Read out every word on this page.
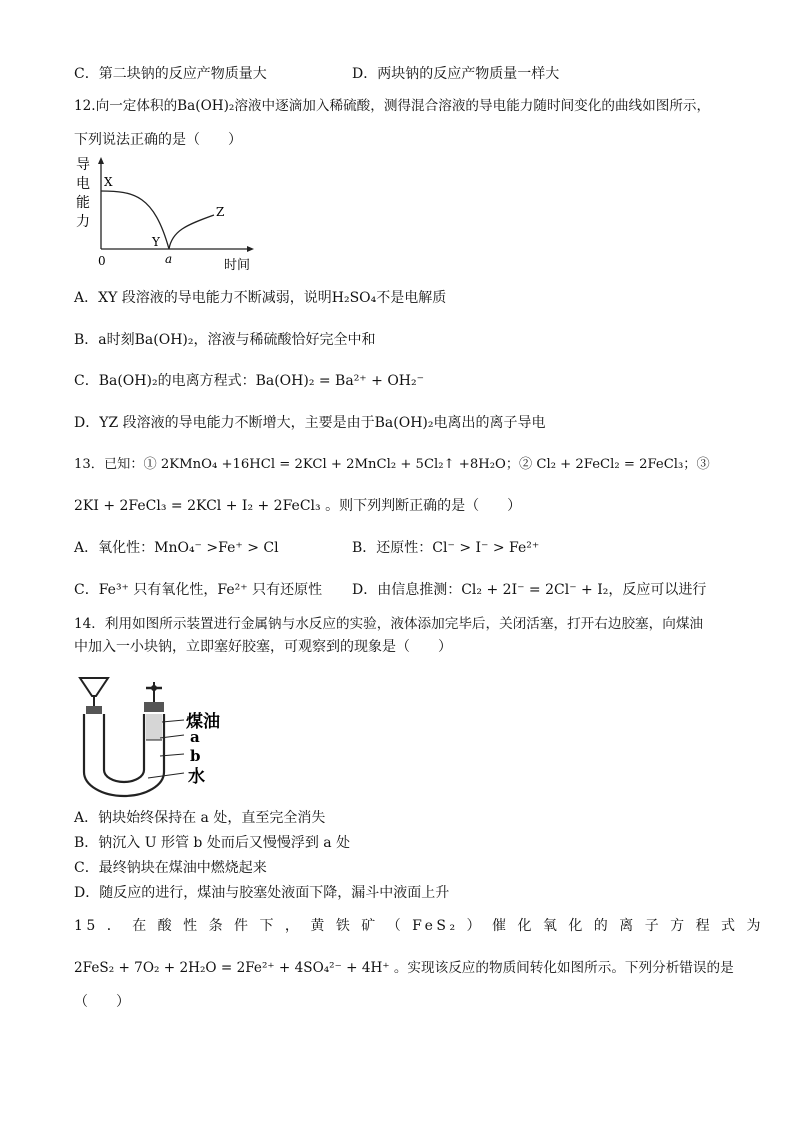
C．第二块钠的反应产物质量大	D．两块钠的反应产物质量一样大
12.向一定体积的Ba(OH)₂溶液中逐滴加入稀硫酸，测得混合溶液的导电能力随时间变化的曲线如图所示，
下列说法正确的是（　　）
导
电
能
力
X
Y
Z
0	a	时间
A．XY 段溶液的导电能力不断减弱，说明H₂SO₄不是电解质
B．a时刻Ba(OH)₂，溶液与稀硫酸恰好完全中和
C．Ba(OH)₂的电离方程式：Ba(OH)₂ = Ba²⁺ + OH₂⁻
D．YZ 段溶液的导电能力不断增大，主要是由于Ba(OH)₂电离出的离子导电
13．已知：① 2KMnO₄ +16HCl = 2KCl + 2MnCl₂ + 5Cl₂↑ +8H₂O；② Cl₂ + 2FeCl₂ = 2FeCl₃；③
2KI + 2FeCl₃ = 2KCl + I₂ + 2FeCl₃ 。则下列判断正确的是（　　）
A．氧化性：MnO₄⁻ >Fe⁺ > Cl	B．还原性：Cl⁻ > I⁻ > Fe²⁺
C．Fe³⁺ 只有氧化性，Fe²⁺ 只有还原性 D．由信息推测：Cl₂ + 2I⁻ = 2Cl⁻ + I₂，反应可以进行
14．利用如图所示装置进行金属钠与水反应的实验，液体添加完毕后，关闭活塞，打开右边胶塞，向煤油
中加入一小块钠，立即塞好胶塞，可观察到的现象是（　　）
煤油
a
b
水
A．钠块始终保持在 a 处，直至完全消失
B．钠沉入 U 形管 b 处而后又慢慢浮到 a 处
C．最终钠块在煤油中燃烧起来
D．随反应的进行，煤油与胶塞处液面下降，漏斗中液面上升
15 ． 在 酸 性 条 件 下 ， 黄 铁 矿 （ FeS₂ ） 催 化 氧 化 的 离 子 方 程 式 为
2FeS₂ + 7O₂ + 2H₂O = 2Fe²⁺ + 4SO₄²⁻ + 4H⁺ 。实现该反应的物质间转化如图所示。下列分析错误的是
（　　）
